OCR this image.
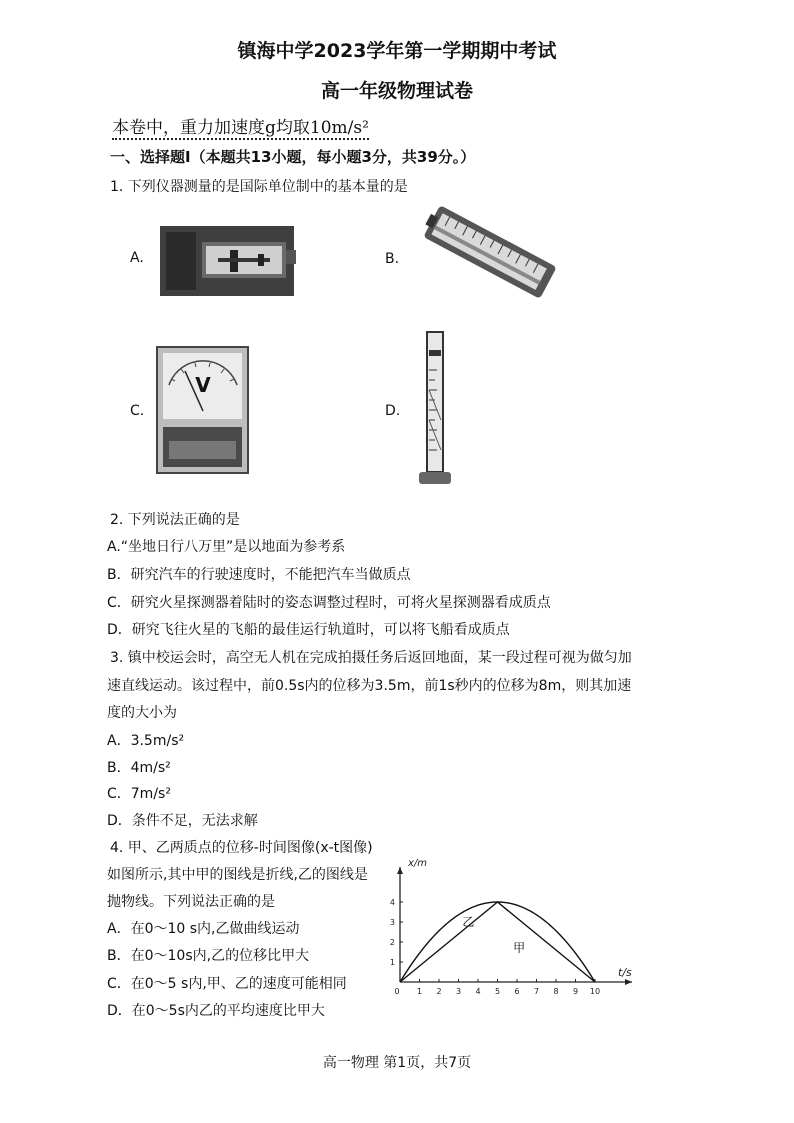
镇海中学2023学年第一学期期中考试
高一年级物理试卷
本卷中，重力加速度g均取10m/s²
一、选择题I（本题共13小题，每小题3分，共39分。）
1. 下列仪器测量的是国际单位制中的基本量的是
A.	B.
C.
V
D.
2. 下列说法正确的是
A.“坐地日行八万里”是以地面为参考系
B．研究汽车的行驶速度时，不能把汽车当做质点
C．研究火星探测器着陆时的姿态调整过程时，可将火星探测器看成质点
D．研究飞往火星的飞船的最佳运行轨道时，可以将飞船看成质点
3. 镇中校运会时，高空无人机在完成拍摄任务后返回地面，某一段过程可视为做匀加
速直线运动。该过程中，前0.5s内的位移为3.5m，前1s秒内的位移为8m，则其加速
度的大小为
A．3.5m/s²
B．4m/s²
C．7m/s²
D．条件不足，无法求解
4. 甲、乙两质点的位移-时间图像(x-t图像)
如图所示,其中甲的图线是折线,乙的图线是
抛物线。下列说法正确的是
A．在0～10 s内,乙做曲线运动
B．在0～10s内,乙的位移比甲大
C．在0～5 s内,甲、乙的速度可能相同
D．在0～5s内乙的平均速度比甲大
x/m
t/s
0 1 2 3 4 5 6 7 8 9 10
1
2
3
4
乙
甲
高一物理 第1页，共7页
